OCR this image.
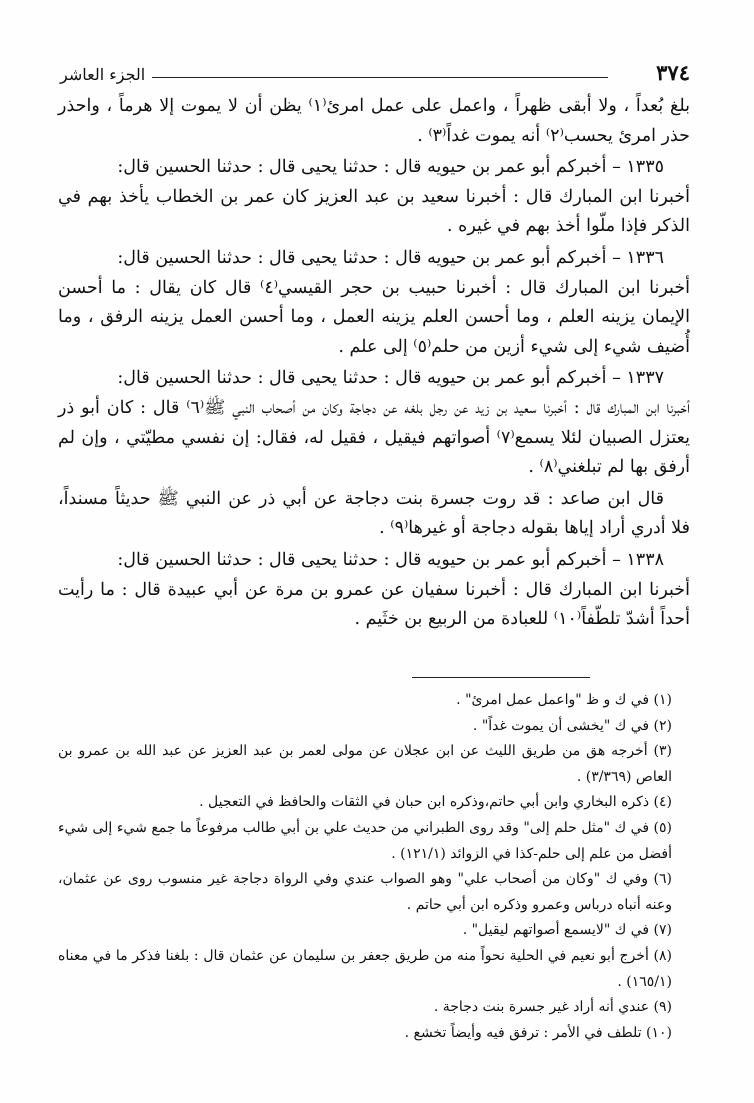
الجزء العاشر	٣٧٤

بلغ بُعداً ، ولا أبقى ظهراً ، واعمل على عمل امرئ⁽١⁾ يظن أن لا يموت إلا هرماً ، واحذر حذر امرئ يحسب⁽٢⁾ أنه يموت غداً⁽٣⁾ .

١٣٣٥ – أخبركم أبو عمر بن حيويه قال : حدثنا يحيى قال : حدثنا الحسين قال:

أخبرنا ابن المبارك قال : أخبرنا سعيد بن عبد العزيز كان عمر بن الخطاب يأخذ بهم في الذكر فإذا ملّوا أخذ بهم في غيره .

١٣٣٦ – أخبركم أبو عمر بن حيويه قال : حدثنا يحيى قال : حدثنا الحسين قال:

أخبرنا ابن المبارك قال : أخبرنا حبيب بن حجر القيسي⁽٤⁾ قال كان يقال : ما أحسن الإيمان يزينه العلم ، وما أحسن العلم يزينه العمل ، وما أحسن العمل يزينه الرفق ، وما أُضيف شيء إلى شيء أزين من حلم⁽٥⁾ إلى علم .

١٣٣٧ – أخبركم أبو عمر بن حيويه قال : حدثنا يحيى قال : حدثنا الحسين قال:

أخبرنا ابن المبارك قال : أخبرنا سعيد بن زيد عن رجل بلغه عن دجاجة وكان من أصحاب النبي ﷺ⁽٦⁾ قال : كان أبو ذر يعتزل الصبيان لئلا يسمع⁽٧⁾ أصواتهم فيقيل ، فقيل له، فقال: إن نفسي مطيّتي ، وإن لم أرفق بها لم تبلغني⁽٨⁾ .

قال ابن صاعد : قد روت جسرة بنت دجاجة عن أبي ذر عن النبي ﷺ حديثاً مسنداً، فلا أدري أراد إياها بقوله دجاجة أو غيرها⁽٩⁾ .

١٣٣٨ – أخبركم أبو عمر بن حيويه قال : حدثنا يحيى قال : حدثنا الحسين قال:

أخبرنا ابن المبارك قال : أخبرنا سفيان عن عمرو بن مرة عن أبي عبيدة قال : ما رأيت أحداً أشدّ تلطّفاً⁽١٠⁾ للعبادة من الربيع بن خثَيم .

(١) في ك و ظ "واعمل عمل امرئ" .

(٢) في ك "يخشى أن يموت غداً" .

(٣) أخرجه هق من طريق الليث عن ابن عجلان عن مولى لعمر بن عبد العزيز عن عبد الله بن عمرو بن العاص (٣/٣٦٩) .

(٤) ذكره البخاري وابن أبي حاتم،وذكره ابن حبان في الثقات والحافظ في التعجيل .

(٥) في ك "مثل حلم إلى" وقد روى الطبراني من حديث علي بن أبي طالب مرفوعاً ما جمع شيء إلى شيء أفضل من علم إلى حلم-كذا في الزوائد (١٢١/١) .

(٦) وفي ك "وكان من أصحاب علي" وهو الصواب عندي وفي الرواة دجاجة غير منسوب روى عن عثمان، وعنه أنباه درباس وعمرو وذكره ابن أبي حاتم .

(٧) في ك "لايسمع أصواتهم ليقيل" .

(٨) أخرج أبو نعيم في الحلية نحواً منه من طريق جعفر بن سليمان عن عثمان قال : بلغنا فذكر ما في معناه (١٦٥/١) .

(٩) عندي أنه أراد غير جسرة بنت دجاجة .

(١٠) تلطف في الأمر : ترفق فيه وأيضاً تخشع .
